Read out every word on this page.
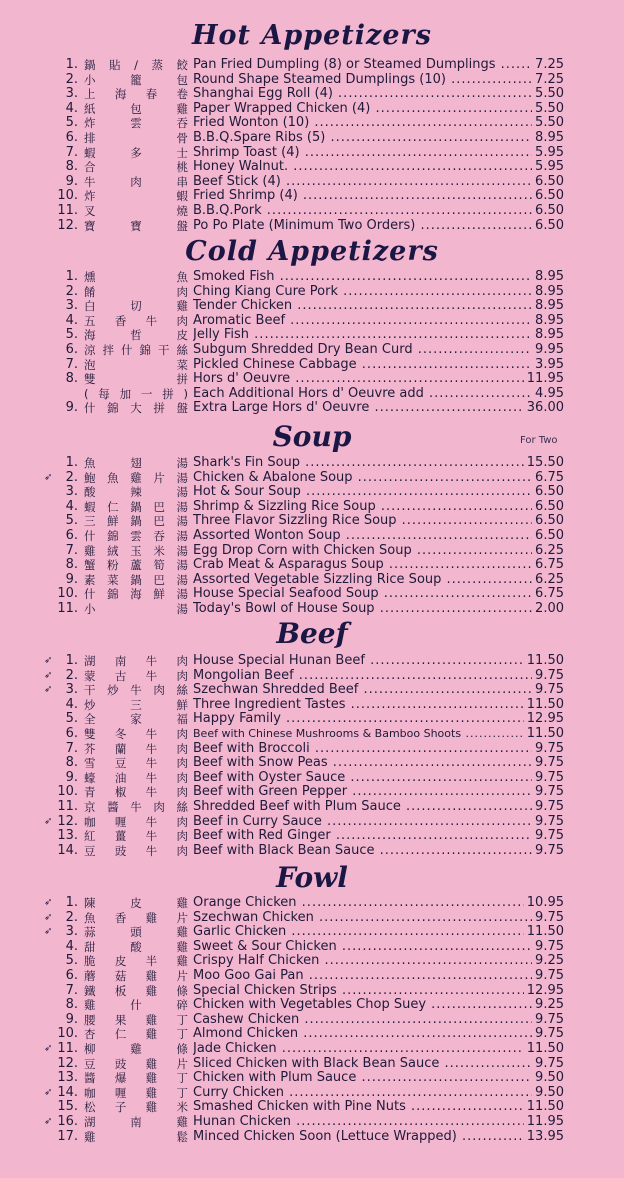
Hot Appetizers
1. 鍋 貼 / 蒸 餃 Pan Fried Dumpling (8) or Steamed Dumplings .....	7.25
2. 小	籠	包 Round Shape Steamed Dumplings (10) .....	7.25
3. 上 海 春 卷 Shanghai Egg Roll (4) .....	5.50
4. 紙	包	雞 Paper Wrapped Chicken (4) .....	5.50
5. 炸	雲	吞 Fried Wonton (10) .....	5.50
6. 排	骨 B.B.Q.Spare Ribs (5) .....	8.95
7. 蝦	多	士 Shrimp Toast (4) .....	5.95
8. 合	桃 Honey Walnut. .....	5.95
9. 牛	肉	串 Beef Stick (4) .....	6.50
10. 炸	蝦 Fried Shrimp (4) .....	6.50
11. 叉	燒 B.B.Q.Pork .....	6.50
12. 寶	寶	盤 Po Po Plate (Minimum Two Orders) .....	6.50
Cold Appetizers
1. 燻	魚 Smoked Fish .....	8.95
2. 餚	肉 Ching Kiang Cure Pork .....	8.95
3. 白	切	雞 Tender Chicken .....	8.95
4. 五 香 牛 肉 Aromatic Beef .....	8.95
5. 海	哲	皮 Jelly Fish .....	8.95
6. 涼 拌 什 錦 干 絲 Subgum Shredded Dry Bean Curd .....	9.95
7. 泡	菜 Pickled Chinese Cabbage .....	3.95
8. 雙	拼 Hors d' Oeuvre .....	11.95
( 每 加 一 拼 ) Each Additional Hors d' Oeuvre add .....	4.95
9. 什 錦 大 拼 盤 Extra Large Hors d' Oeuvre .....	36.00
Soup	For Two
1. 魚	翅	湯 Shark's Fin Soup .....	15.50
➶	2. 鮑 魚 雞 片 湯 Chicken & Abalone Soup .....	6.75
3. 酸	辣	湯 Hot & Sour Soup .....	6.50
4. 蝦 仁 鍋 巴 湯 Shrimp & Sizzling Rice Soup .....	6.50
5. 三 鮮 鍋 巴 湯 Three Flavor Sizzling Rice Soup .....	6.50
6. 什 錦 雲 吞 湯 Assorted Wonton Soup .....	6.50
7. 雞 絨 玉 米 湯 Egg Drop Corn with Chicken Soup .....	6.25
8. 蟹 粉 蘆 筍 湯 Crab Meat & Asparagus Soup .....	6.75
9. 素 菜 鍋 巴 湯 Assorted Vegetable Sizzling Rice Soup .....	6.25
10. 什 錦 海 鮮 湯 House Special Seafood Soup .....	6.75
11. 小	湯 Today's Bowl of House Soup .....	2.00
Beef
➶	1. 湖 南 牛 肉 House Special Hunan Beef .....	11.50
➶	2. 蒙 古 牛 肉 Mongolian Beef .....	9.75
➶	3. 干 炒 牛 肉 絲 Szechwan Shredded Beef .....	9.75
4. 炒	三	鮮 Three Ingredient Tastes .....	11.50
5. 全	家	福 Happy Family .....	12.95
6. 雙 冬 牛 肉 Beef with Chinese Mushrooms & Bamboo Shoots .....	11.50
7. 芥 蘭 牛 肉 Beef with Broccoli .....	9.75
8. 雪 豆 牛 肉 Beef with Snow Peas .....	9.75
9. 蠔 油 牛 肉 Beef with Oyster Sauce .....	9.75
10. 青 椒 牛 肉 Beef with Green Pepper .....	9.75
11. 京 醬 牛 肉 絲 Shredded Beef with Plum Sauce .....	9.75
➶ 12. 咖 喱 牛 肉 Beef in Curry Sauce .....	9.75
13. 紅 薑 牛 肉 Beef with Red Ginger .....	9.75
14. 豆 豉 牛 肉 Beef with Black Bean Sauce .....	9.75
Fowl
➶	1. 陳	皮	雞 Orange Chicken .....	10.95
➶	2. 魚 香 雞 片 Szechwan Chicken .....	9.75
➶	3. 蒜	頭	雞 Garlic Chicken .....	11.50
4. 甜	酸	雞 Sweet & Sour Chicken .....	9.75
5. 脆 皮 半 雞 Crispy Half Chicken .....	9.25
6. 蘑 菇 雞 片 Moo Goo Gai Pan .....	9.75
7. 鐵 板 雞 條 Special Chicken Strips .....	12.95
8. 雞	什	碎 Chicken with Vegetables Chop Suey .....	9.25
9. 腰 果 雞 丁 Cashew Chicken .....	9.75
10. 杏 仁 雞 丁 Almond Chicken .....	9.75
➶ 11. 柳	雞	條 Jade Chicken .....	11.50
12. 豆 豉 雞 片 Sliced Chicken with Black Bean Sauce .....	9.75
13. 醬 爆 雞 丁 Chicken with Plum Sauce .....	9.50
➶ 14. 咖 喱 雞 丁 Curry Chicken .....	9.50
15. 松 子 雞 米 Smashed Chicken with Pine Nuts .....	11.50
➶ 16. 湖	南	雞 Hunan Chicken .....	11.95
17. 雞	鬆 Minced Chicken Soon (Lettuce Wrapped) .....	13.95
